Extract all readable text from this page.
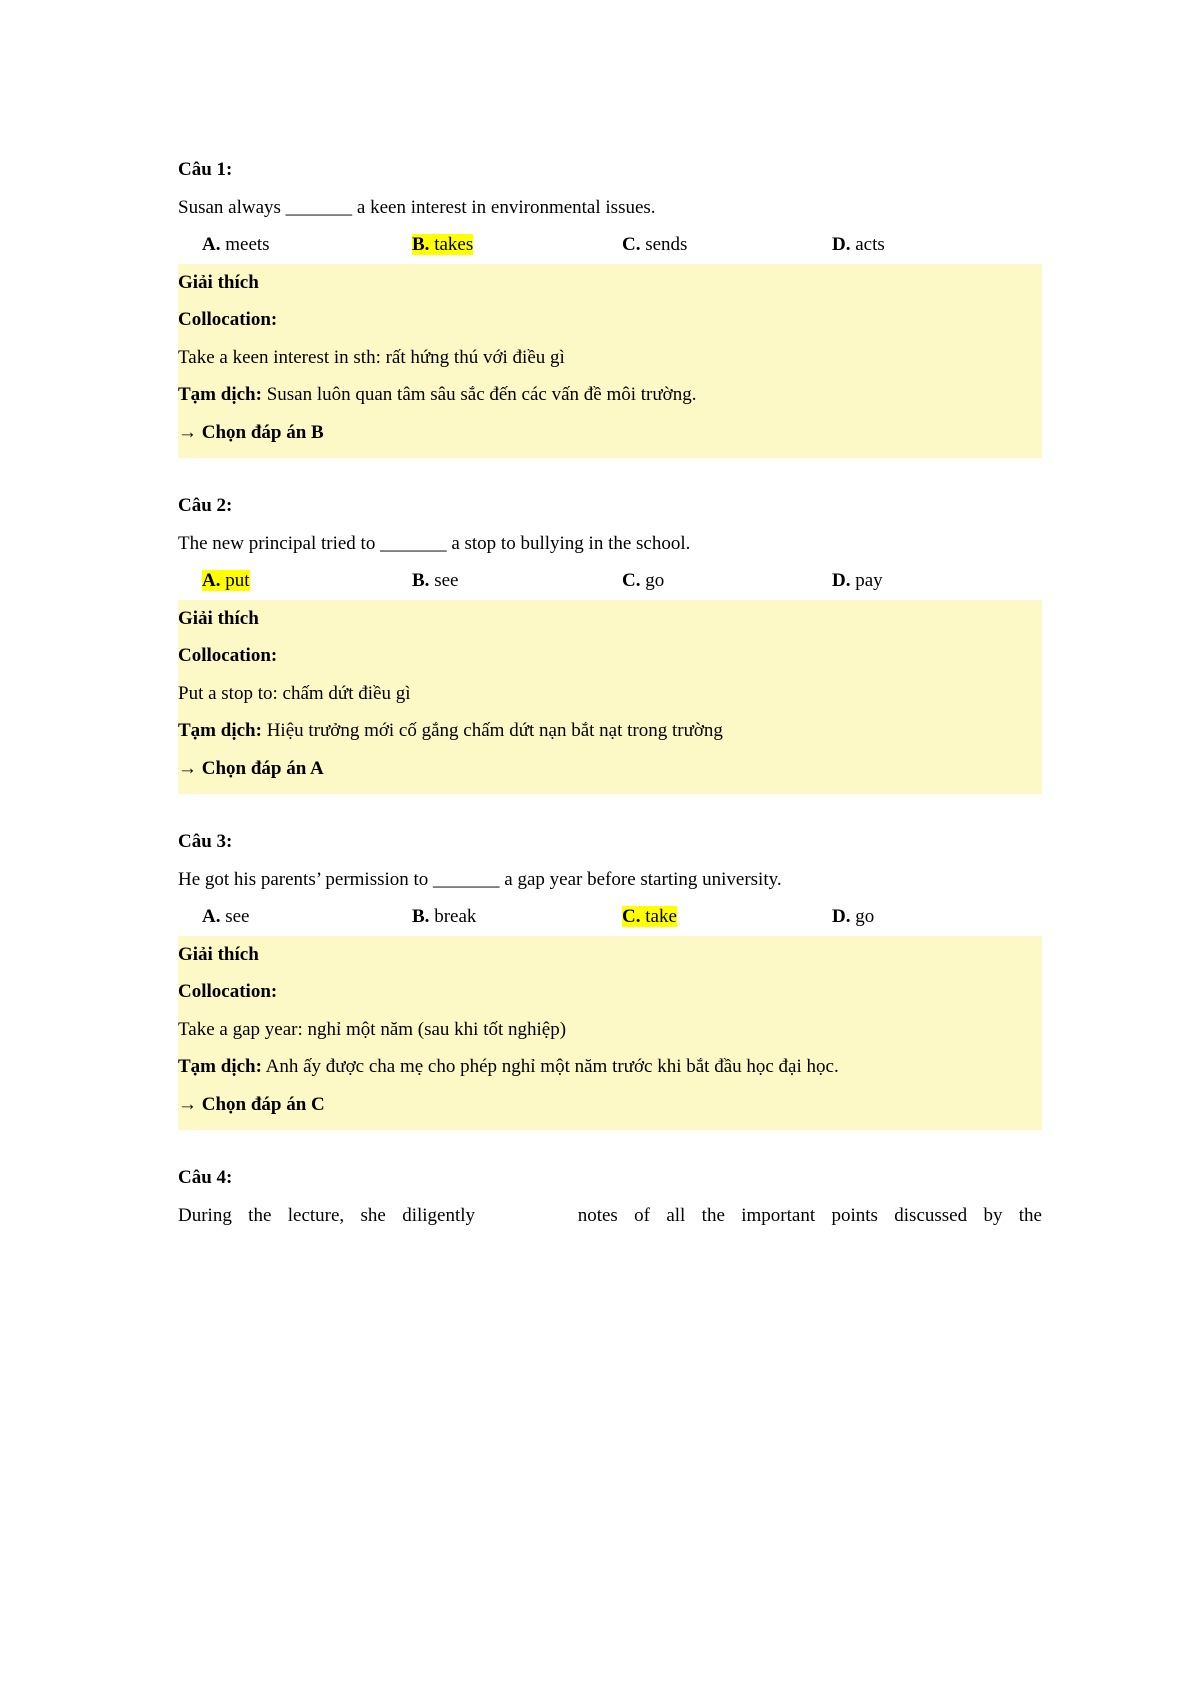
Câu 1:
Susan always _______ a keen interest in environmental issues.
A. meets	B. takes	C. sends	D. acts
Giải thích
Collocation:
Take a keen interest in sth: rất hứng thú với điều gì
Tạm dịch: Susan luôn quan tâm sâu sắc đến các vấn đề môi trường.
→ Chọn đáp án B
Câu 2:
The new principal tried to _______ a stop to bullying in the school.
A. put	B. see	C. go	D. pay
Giải thích
Collocation:
Put a stop to: chấm dứt điều gì
Tạm dịch: Hiệu trưởng mới cố gắng chấm dứt nạn bắt nạt trong trường
→ Chọn đáp án A
Câu 3:
He got his parents’ permission to _______ a gap year before starting university.
A. see	B. break	C. take	D. go
Giải thích
Collocation:
Take a gap year: nghỉ một năm (sau khi tốt nghiệp)
Tạm dịch: Anh ấy được cha mẹ cho phép nghỉ một năm trước khi bắt đầu học đại học.
→ Chọn đáp án C
Câu 4:
During the lecture, she diligently	notes of all the important points discussed by the
